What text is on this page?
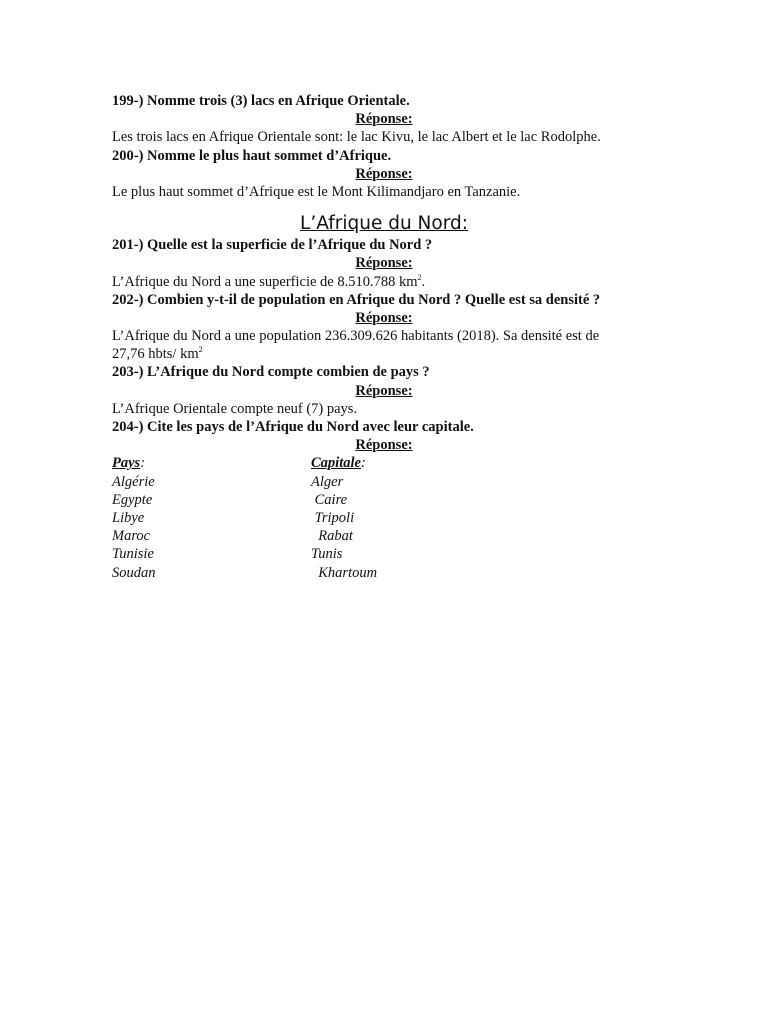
199-) Nomme trois (3) lacs en Afrique Orientale.
Réponse:
Les trois lacs en Afrique Orientale sont: le lac Kivu, le lac Albert et le lac Rodolphe.
200-) Nomme le plus haut sommet d’Afrique.
Réponse:
Le plus haut sommet d’Afrique est le Mont Kilimandjaro en Tanzanie.
L’Afrique du Nord:
201-) Quelle est la superficie de l’Afrique du Nord ?
Réponse:
L’Afrique du Nord a une superficie de 8.510.788 $km^2$.
202-) Combien y-t-il de population en Afrique du Nord ? Quelle est sa densité ?
Réponse:
L’Afrique du Nord a une population 236.309.626 habitants (2018). Sa densité est de
27,76 hbts/ $km^2$
203-) L’Afrique du Nord compte combien de pays ?
Réponse:
L’Afrique Orientale compte neuf (7) pays.
204-) Cite les pays de l’Afrique du Nord avec leur capitale.
Réponse:
Pays:	Capitale:
Algérie	Alger
Egypte	Caire
Libye	Tripoli
Maroc	Rabat
Tunisie	Tunis
Soudan	Khartoum
